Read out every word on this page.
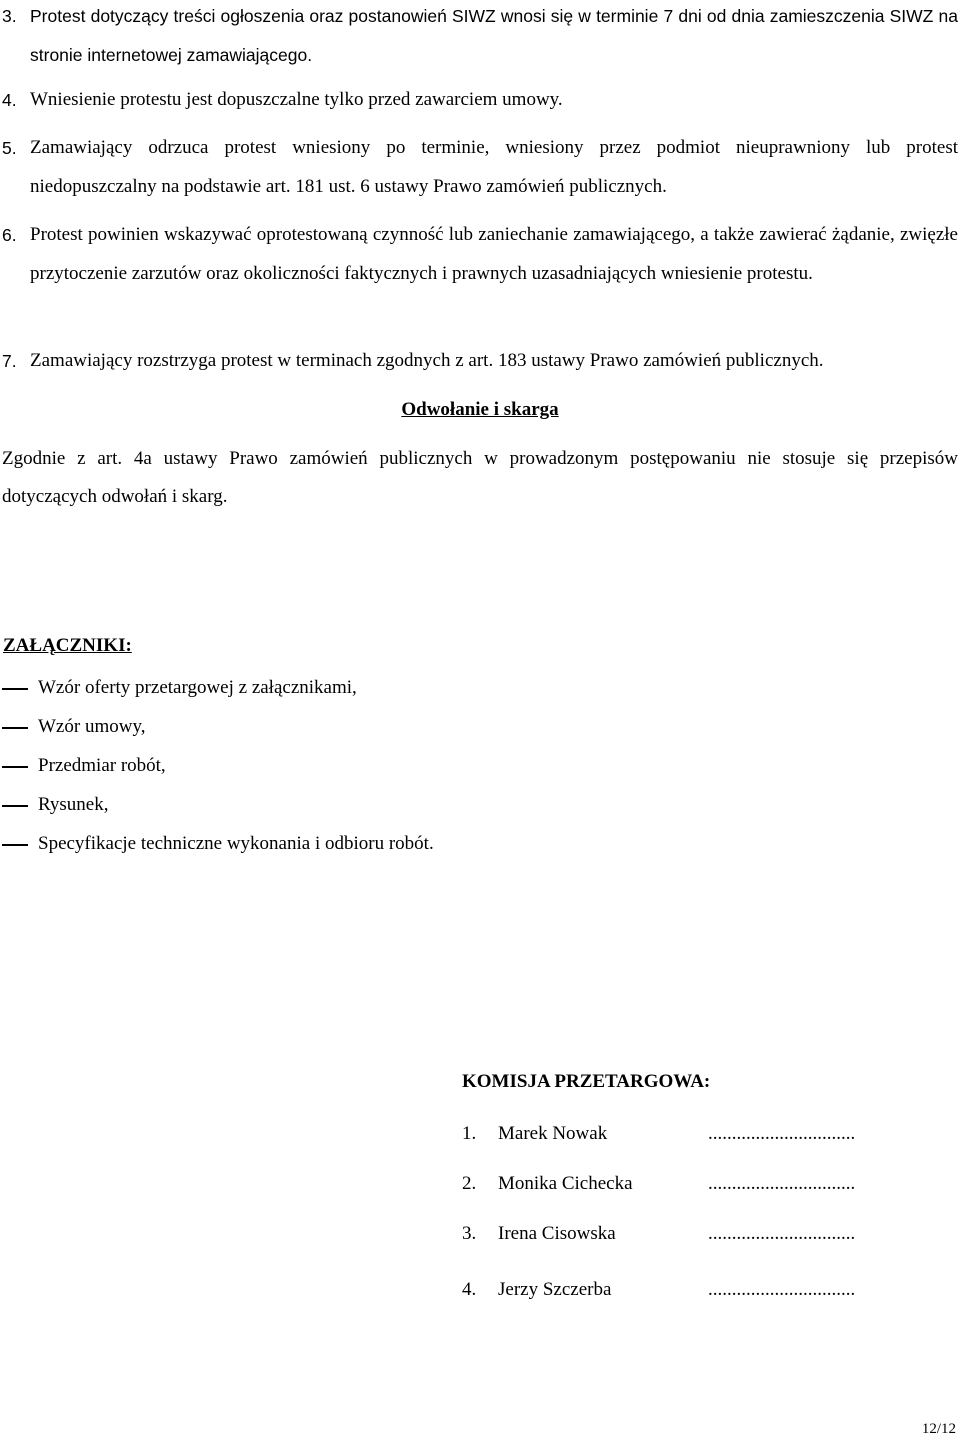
3. Protest dotyczący treści ogłoszenia oraz postanowień SIWZ wnosi się w terminie 7 dni od dnia zamieszczenia SIWZ na stronie internetowej zamawiającego.

4. Wniesienie protestu jest dopuszczalne tylko przed zawarciem umowy.

5. Zamawiający odrzuca protest wniesiony po terminie, wniesiony przez podmiot nieuprawniony lub protest niedopuszczalny na podstawie art. 181 ust. 6 ustawy Prawo zamówień publicznych.

6. Protest powinien wskazywać oprotestowaną czynność lub zaniechanie zamawiającego, a także zawierać żądanie, zwięzłe przytoczenie zarzutów oraz okoliczności faktycznych i prawnych uzasadniających wniesienie protestu.

7. Zamawiający rozstrzyga protest w terminach zgodnych z art. 183 ustawy Prawo zamówień publicznych.

Odwołanie i skarga

Zgodnie z art. 4a ustawy Prawo zamówień publicznych w prowadzonym postępowaniu nie stosuje się przepisów dotyczących odwołań i skarg.

ZAŁĄCZNIKI:
Wzór oferty przetargowej z załącznikami,
Wzór umowy,
Przedmiar robót,
Rysunek,
Specyfikacje techniczne wykonania i odbioru robót.
KOMISJA PRZETARGOWA:
1. Marek Nowak	...............................
2. Monika Cichecka	...............................
3. Irena Cisowska	...............................
4. Jerzy Szczerba	...............................
12/12
